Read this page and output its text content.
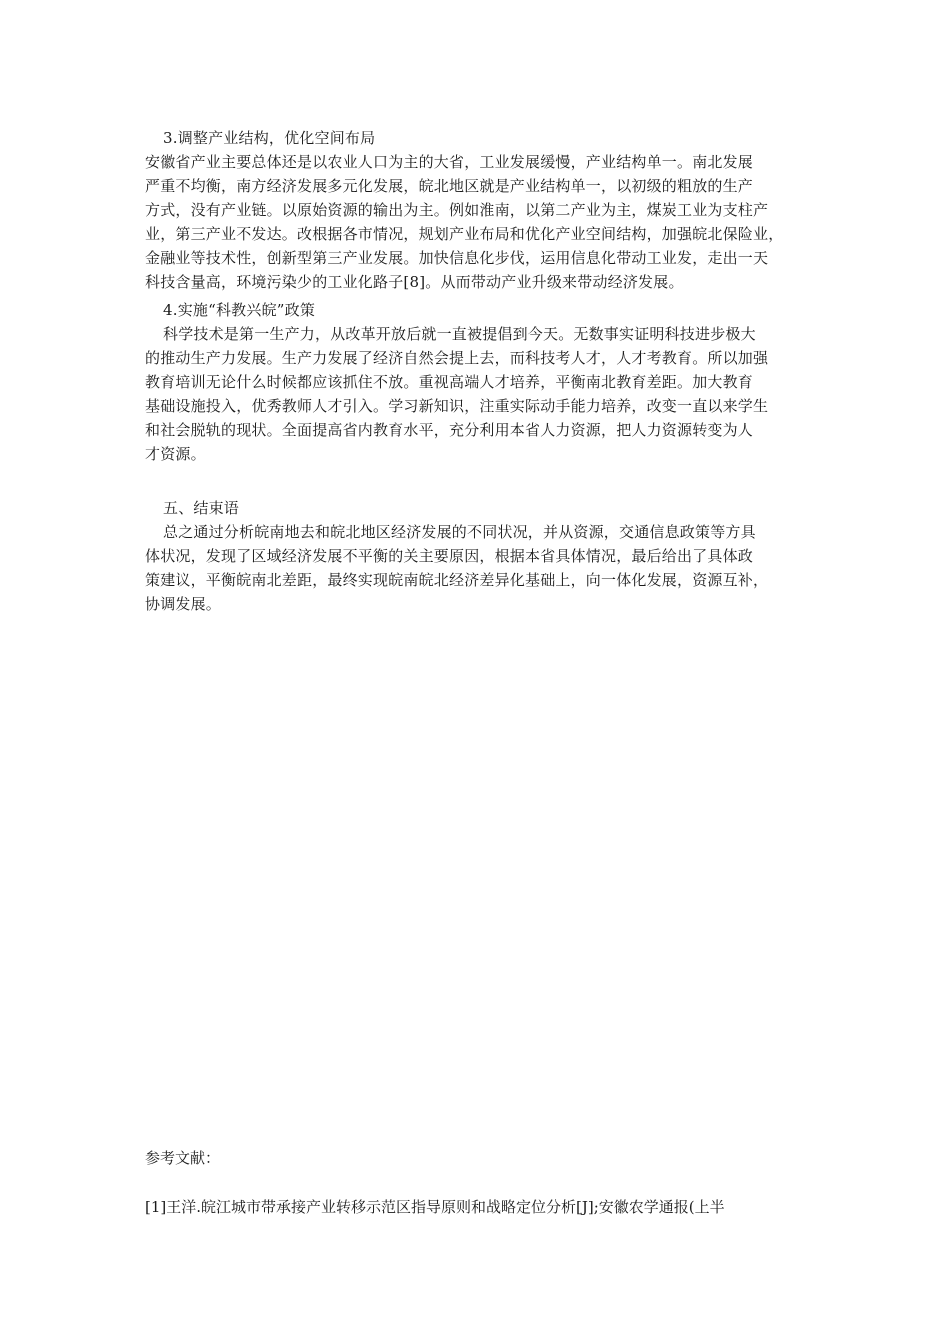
3.调整产业结构，优化空间布局
安徽省产业主要总体还是以农业人口为主的大省，工业发展缓慢，产业结构单一。南北发展
严重不均衡，南方经济发展多元化发展，皖北地区就是产业结构单一，以初级的粗放的生产
方式，没有产业链。以原始资源的输出为主。例如淮南，以第二产业为主，煤炭工业为支柱产
业，第三产业不发达。改根据各市情况，规划产业布局和优化产业空间结构，加强皖北保险业，
金融业等技术性，创新型第三产业发展。加快信息化步伐，运用信息化带动工业发，走出一天
科技含量高，环境污染少的工业化路子[8]。从而带动产业升级来带动经济发展。
4.实施“科教兴皖”政策
科学技术是第一生产力，从改革开放后就一直被提倡到今天。无数事实证明科技进步极大
的推动生产力发展。生产力发展了经济自然会提上去，而科技考人才，人才考教育。所以加强
教育培训无论什么时候都应该抓住不放。重视高端人才培养，平衡南北教育差距。加大教育
基础设施投入，优秀教师人才引入。学习新知识，注重实际动手能力培养，改变一直以来学生
和社会脱轨的现状。全面提高省内教育水平，充分利用本省人力资源，把人力资源转变为人
才资源。
五、结束语
总之通过分析皖南地去和皖北地区经济发展的不同状况，并从资源，交通信息政策等方具
体状况，发现了区域经济发展不平衡的关主要原因，根据本省具体情况，最后给出了具体政
策建议，平衡皖南北差距，最终实现皖南皖北经济差异化基础上，向一体化发展，资源互补，
协调发展。
参考文献：
[1]王洋.皖江城市带承接产业转移示范区指导原则和战略定位分析[J];安徽农学通报(上半
